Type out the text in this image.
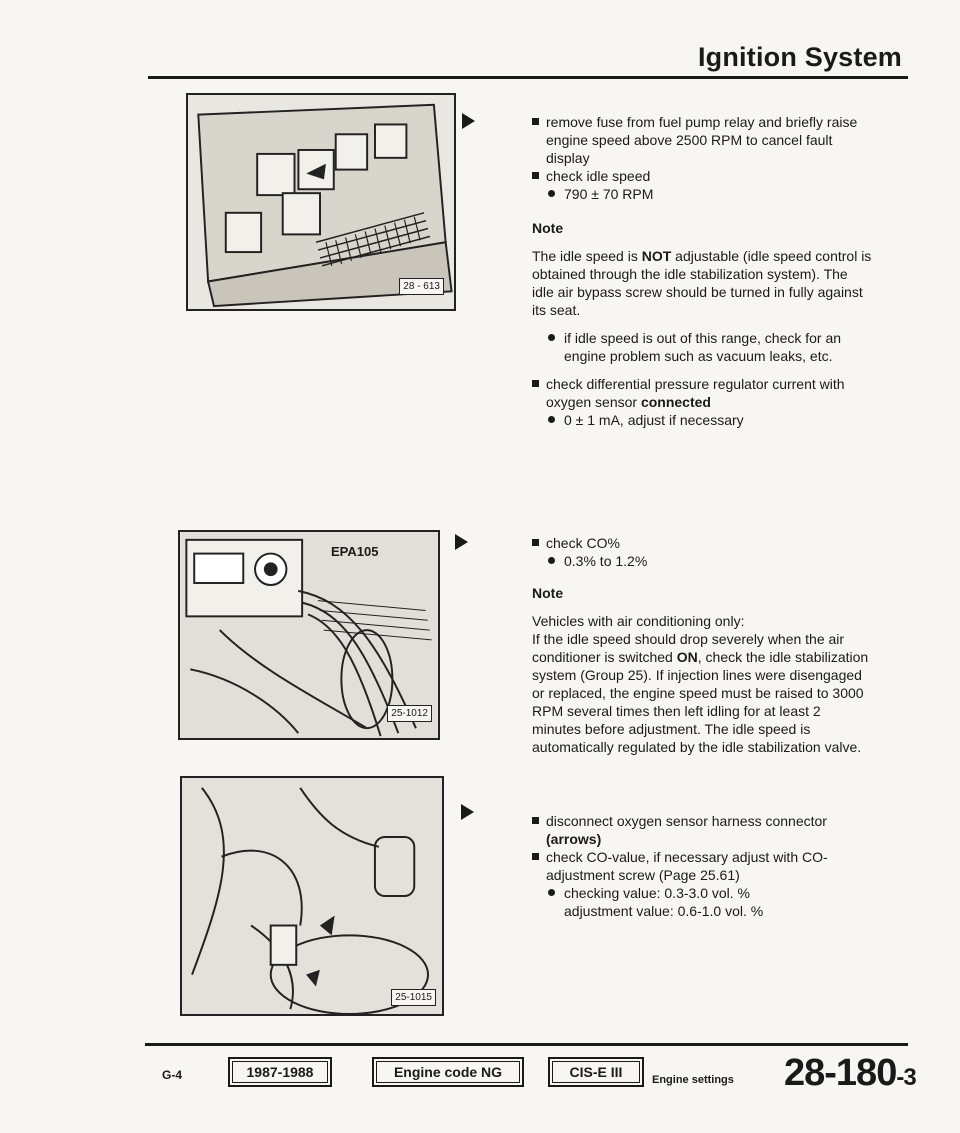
Ignition System
28 - 613
EPA105
25-1012
25-1015
remove fuse from fuel pump relay and briefly raise engine speed above 2500 RPM to cancel fault display
check idle speed
790 ± 70 RPM
Note

The idle speed is NOT adjustable (idle speed control is obtained through the idle stabilization system). The idle air bypass screw should be turned in fully against its seat.

if idle speed is out of this range, check for an engine problem such as vacuum leaks, etc.
check differential pressure regulator current with oxygen sensor connected
0 ± 1 mA, adjust if necessary
check CO%
0.3% to 1.2%
Note

Vehicles with air conditioning only:

If the idle speed should drop severely when the air conditioner is switched ON, check the idle stabilization system (Group 25). If injection lines were disengaged or replaced, the engine speed must be raised to 3000 RPM several times then left idling for at least 2 minutes before adjustment. The idle speed is automatically regulated by the idle stabilization valve.

disconnect oxygen sensor harness connector (arrows)
check CO-value, if necessary adjust with CO-adjustment screw (Page 25.61)
checking value: 0.3-3.0 vol. %
adjustment value: 0.6-1.0 vol. %
G-4	1987-1988	Engine code NG	CIS-E III	Engine settings 28-180-3
